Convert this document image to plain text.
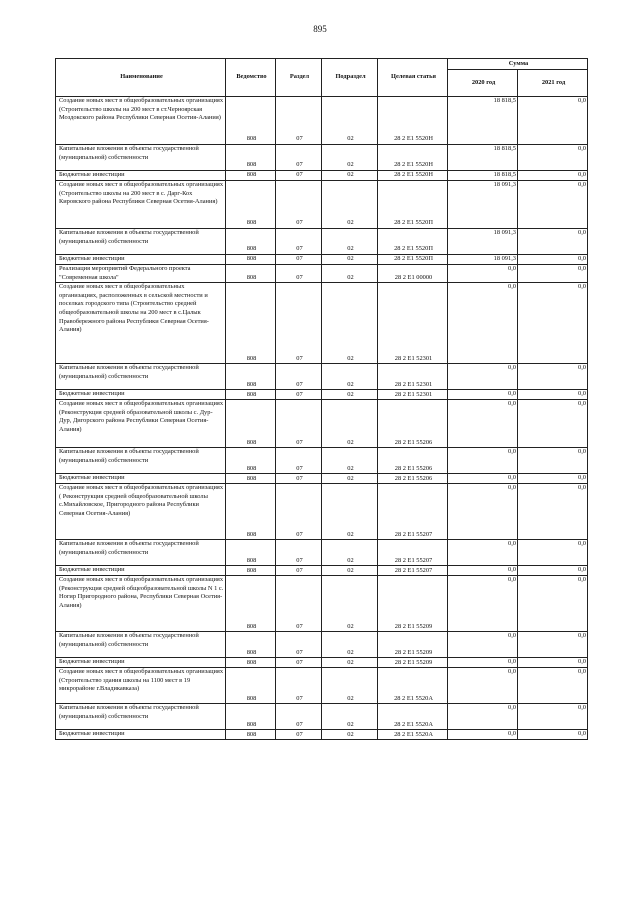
895
Наименование	Ведомство	Раздел	Подраздел	Целевая статья	Сумма	
					2020 год	2021 год
Создание новых мест в общеобразовательных организациях (Строительство школы на 200 мест в ст.Черноярская Моздокского района Республики Северная Осетия-Алания)	808	07	02	28 2 Е1 5520Н	18 818,5	0,0
Капитальные вложения в объекты государственной (муниципальной) собственности	808	07	02	28 2 Е1 5520Н	18 818,5	0,0
Бюджетные инвестиции	808	07	02	28 2 Е1 5520Н	18 818,5	0,0
Создание новых мест в общеобразовательных организациях (Строительство школы на 200 мест в с. Дарг-Кох Кировского района Республики Северная Осетия-Алания)	808	07	02	28 2 Е1 5520П	18 091,3	0,0
Капитальные вложения в объекты государственной (муниципальной) собственности	808	07	02	28 2 Е1 5520П	18 091,3	0,0
Бюджетные инвестиции	808	07	02	28 2 Е1 5520П	18 091,3	0,0
Реализация мероприятий Федерального проекта "Современная школа"	808	07	02	28 2 Е1 00000	0,0	0,0
Создание новых мест в общеобразовательных организациях, расположенных в сельской местности и поселках городского типа (Строительство средней общеобразовательной школы на 200 мест в с.Цалык Правобережного района Республики Северная Осетия-Алания)	808	07	02	28 2 Е1 52301	0,0	0,0
Капитальные вложения в объекты государственной (муниципальной) собственности	808	07	02	28 2 Е1 52301	0,0	0,0
Бюджетные инвестиции	808	07	02	28 2 Е1 52301	0,0	0,0
Создание новых мест в общеобразовательных организациях (Реконструкция средней образовательной школы с. Дур-Дур, Дигорского района Республики Северная Осетия-Алания)	808	07	02	28 2 Е1 55206	0,0	0,0
Капитальные вложения в объекты государственной (муниципальной) собственности	808	07	02	28 2 Е1 55206	0,0	0,0
Бюджетные инвестиции	808	07	02	28 2 Е1 55206	0,0	0,0
Создание новых мест в общеобразовательных организациях ( Реконструкция средней общеобразовательной школы с.Михайловское, Пригородного района Республики Северная Осетия-Алания)	808	07	02	28 2 Е1 55207	0,0	0,0
Капитальные вложения в объекты государственной (муниципальной) собственности	808	07	02	28 2 Е1 55207	0,0	0,0
Бюджетные инвестиции	808	07	02	28 2 Е1 55207	0,0	0,0
Создание новых мест в общеобразовательных организациях (Реконструкция средней общеобразовательной школы N 1 с. Ногир Пригородного района, Республики Северная Осетия-Алания)	808	07	02	28 2 Е1 55209	0,0	0,0
Капитальные вложения в объекты государственной (муниципальной) собственности	808	07	02	28 2 Е1 55209	0,0	0,0
Бюджетные инвестиции	808	07	02	28 2 Е1 55209	0,0	0,0
Создание новых мест в общеобразовательных организациях (Строительство здания школы на 1100 мест в 19 микрорайоне г.Владикавказа)	808	07	02	28 2 Е1 5520А	0,0	0,0
Капитальные вложения в объекты государственной (муниципальной) собственности	808	07	02	28 2 Е1 5520А	0,0	0,0
Бюджетные инвестиции	808	07	02	28 2 Е1 5520А	0,0	0,0
